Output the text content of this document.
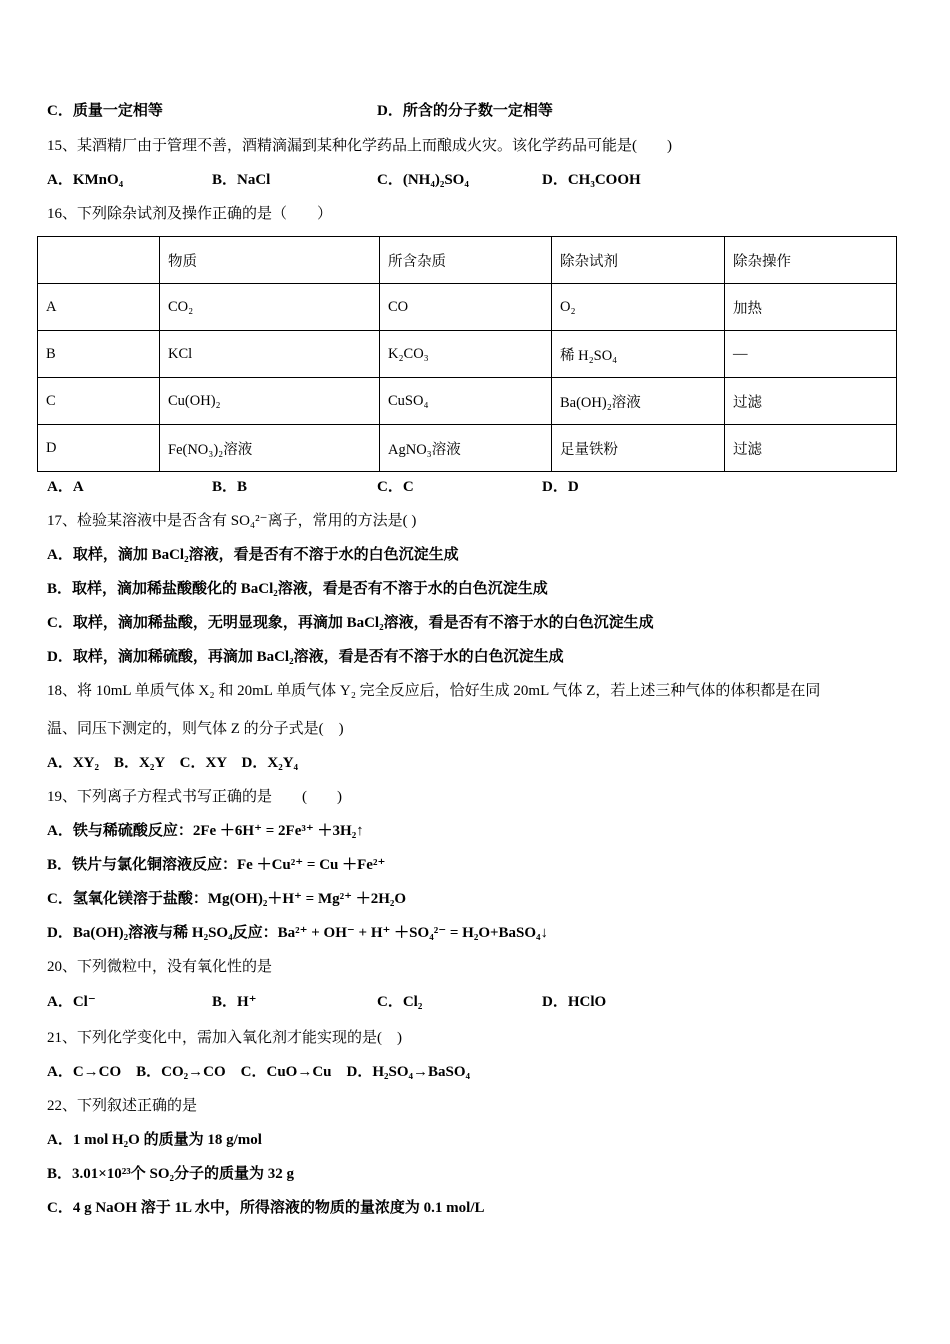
C．质量一定相等	D．所含的分子数一定相等
15、某酒精厂由于管理不善，酒精滴漏到某种化学药品上而酿成火灾。该化学药品可能是(　　)
A．KMnO₄	B．NaCl	C．(NH₄)₂SO₄	D．CH₃COOH
16、下列除杂试剂及操作正确的是（　　）
	物质	所含杂质	除杂试剂	除杂操作
A	CO₂	CO	O₂	加热
B	KCl	K₂CO₃	稀 H₂SO₄	—
C	Cu(OH)₂	CuSO₄	Ba(OH)₂溶液	过滤
D	Fe(NO₃)₂溶液	AgNO₃溶液	足量铁粉	过滤
A．A	B．B	C．C	D．D
17、检验某溶液中是否含有 SO₄²⁻离子，常用的方法是( )
A．取样，滴加 BaCl₂溶液，看是否有不溶于水的白色沉淀生成
B．取样，滴加稀盐酸酸化的 BaCl₂溶液，看是否有不溶于水的白色沉淀生成
C．取样，滴加稀盐酸，无明显现象，再滴加 BaCl₂溶液，看是否有不溶于水的白色沉淀生成
D．取样，滴加稀硫酸，再滴加 BaCl₂溶液，看是否有不溶于水的白色沉淀生成
18、将 10mL 单质气体 X₂ 和 20mL 单质气体 Y₂ 完全反应后，恰好生成 20mL 气体 Z，若上述三种气体的体积都是在同
温、同压下测定的，则气体 Z 的分子式是(　)
A．XY₂　B．X₂Y　C．XY　D．X₂Y₄
19、下列离子方程式书写正确的是　　(　　)
A．铁与稀硫酸反应：2Fe ＋6H⁺ = 2Fe³⁺ ＋3H₂↑
B．铁片与氯化铜溶液反应：Fe ＋Cu²⁺ = Cu ＋Fe²⁺
C．氢氧化镁溶于盐酸：Mg(OH)₂＋H⁺ = Mg²⁺ ＋2H₂O
D．Ba(OH)₂溶液与稀 H₂SO₄反应：Ba²⁺ + OH⁻ + H⁺ ＋SO₄²⁻ = H₂O+BaSO₄↓
20、下列微粒中，没有氧化性的是
A．Cl⁻	B．H⁺	C．Cl₂	D．HClO
21、下列化学变化中，需加入氧化剂才能实现的是(　)
A．C→CO　B．CO₂→CO　C．CuO→Cu　D．H₂SO₄→BaSO₄
22、下列叙述正确的是
A．1 mol H₂O 的质量为 18 g/mol
B．3.01×10²³个 SO₂分子的质量为 32 g
C．4 g NaOH 溶于 1L 水中，所得溶液的物质的量浓度为 0.1 mol/L
